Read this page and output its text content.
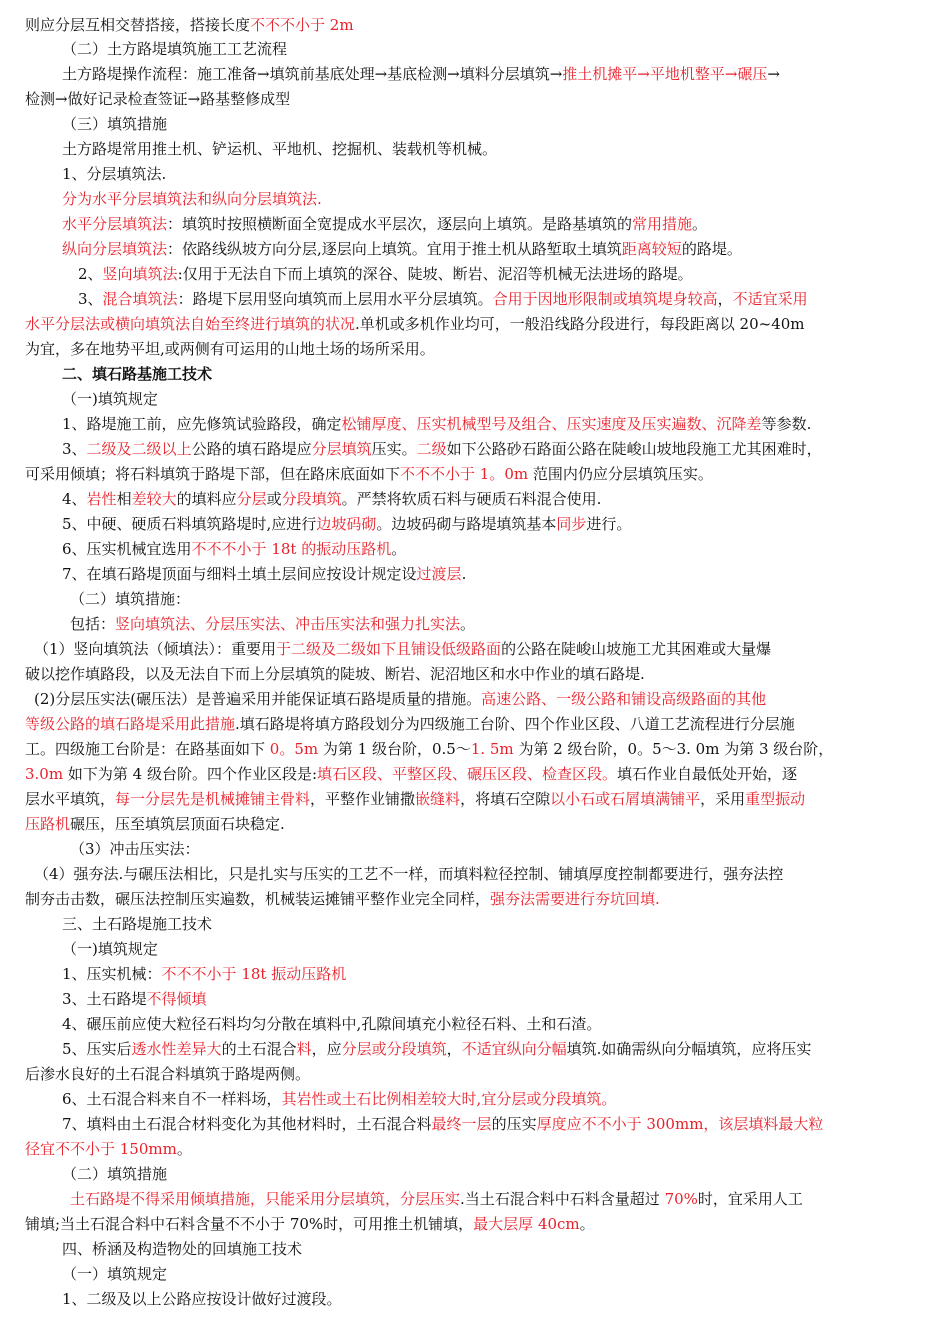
则应分层互相交替搭接，搭接长度不不不小于 2m
（二）土方路堤填筑施工工艺流程
土方路堤操作流程：施工准备→填筑前基底处理→基底检测→填料分层填筑→推土机摊平→平地机整平→碾压→
检测→做好记录检查签证→路基整修成型
（三）填筑措施
土方路堤常用推土机、铲运机、平地机、挖掘机、装载机等机械。
1、分层填筑法.
分为水平分层填筑法和纵向分层填筑法.
水平分层填筑法：填筑时按照横断面全宽提成水平层次，逐层向上填筑。是路基填筑的常用措施。
纵向分层填筑法：依路线纵坡方向分层,逐层向上填筑。宜用于推土机从路堑取土填筑距离较短的路堤。
2、竖向填筑法:仅用于无法自下而上填筑的深谷、陡坡、断岩、泥沼等机械无法进场的路堤。
3、混合填筑法：路堤下层用竖向填筑而上层用水平分层填筑。合用于因地形限制或填筑堤身较高，不适宜采用
水平分层法或横向填筑法自始至终进行填筑的状况.单机或多机作业均可，一般沿线路分段进行，每段距离以 20~40m
为宜，多在地势平坦,或两侧有可运用的山地土场的场所采用。
二、填石路基施工技术
（一)填筑规定
1、路堤施工前，应先修筑试验路段，确定松铺厚度、压实机械型号及组合、压实速度及压实遍数、沉降差等参数.
3、二级及二级以上公路的填石路堤应分层填筑压实。二级如下公路砂石路面公路在陡峻山坡地段施工尤其困难时，
可采用倾填；将石料填筑于路堤下部，但在路床底面如下不不不小于 1。0m 范围内仍应分层填筑压实。
4、岩性相差较大的填料应分层或分段填筑。严禁将软质石料与硬质石料混合使用.
5、中硬、硬质石料填筑路堤时,应进行边坡码砌。边坡码砌与路堤填筑基本同步进行。
6、压实机械宜选用不不不小于 18t 的振动压路机。
7、在填石路堤顶面与细料土填土层间应按设计规定设过渡层.
（二）填筑措施：
包括：竖向填筑法、分层压实法、冲击压实法和强力扎实法。
（1）竖向填筑法（倾填法）：重要用于二级及二级如下且铺设低级路面的公路在陡峻山坡施工尤其困难或大量爆
破以挖作填路段，以及无法自下而上分层填筑的陡坡、断岩、泥沼地区和水中作业的填石路堤.
(2)分层压实法(碾压法）是普遍采用并能保证填石路堤质量的措施。高速公路、一级公路和铺设高级路面的其他
等级公路的填石路堤采用此措施.填石路堤将填方路段划分为四级施工台阶、四个作业区段、八道工艺流程进行分层施
工。四级施工台阶是：在路基面如下 0。5m 为第 1 级台阶，0.5～1. 5m 为第 2 级台阶，0。5～3. 0m 为第 3 级台阶，
3.0m 如下为第 4 级台阶。四个作业区段是:填石区段、平整区段、碾压区段、检查区段。填石作业自最低处开始，逐
层水平填筑，每一分层先是机械摊铺主骨料，平整作业铺撒嵌缝料，将填石空隙以小石或石屑填满铺平，采用重型振动
压路机碾压，压至填筑层顶面石块稳定.
（3）冲击压实法：
（4）强夯法.与碾压法相比，只是扎实与压实的工艺不一样，而填料粒径控制、铺填厚度控制都要进行，强夯法控
制夯击击数，碾压法控制压实遍数，机械装运摊铺平整作业完全同样，强夯法需要进行夯坑回填.
三、土石路堤施工技术
（一)填筑规定
1、压实机械：不不不小于 18t 振动压路机
3、土石路堤不得倾填
4、碾压前应使大粒径石料均匀分散在填料中,孔隙间填充小粒径石料、土和石渣。
5、压实后透水性差异大的土石混合料，应分层或分段填筑，不适宜纵向分幅填筑.如确需纵向分幅填筑，应将压实
后渗水良好的土石混合料填筑于路堤两侧。
6、土石混合料来自不一样料场，其岩性或土石比例相差较大时,宜分层或分段填筑。
7、填料由土石混合材料变化为其他材料时，土石混合料最终一层的压实厚度应不不小于 300mm，该层填料最大粒
径宜不不小于 150mm。
（二）填筑措施
土石路堤不得采用倾填措施，只能采用分层填筑，分层压实.当土石混合料中石料含量超过 70%时，宜采用人工
铺填;当土石混合料中石料含量不不小于 70%时，可用推土机铺填，最大层厚 40cm。
四、桥涵及构造物处的回填施工技术
（一）填筑规定
1、二级及以上公路应按设计做好过渡段。
